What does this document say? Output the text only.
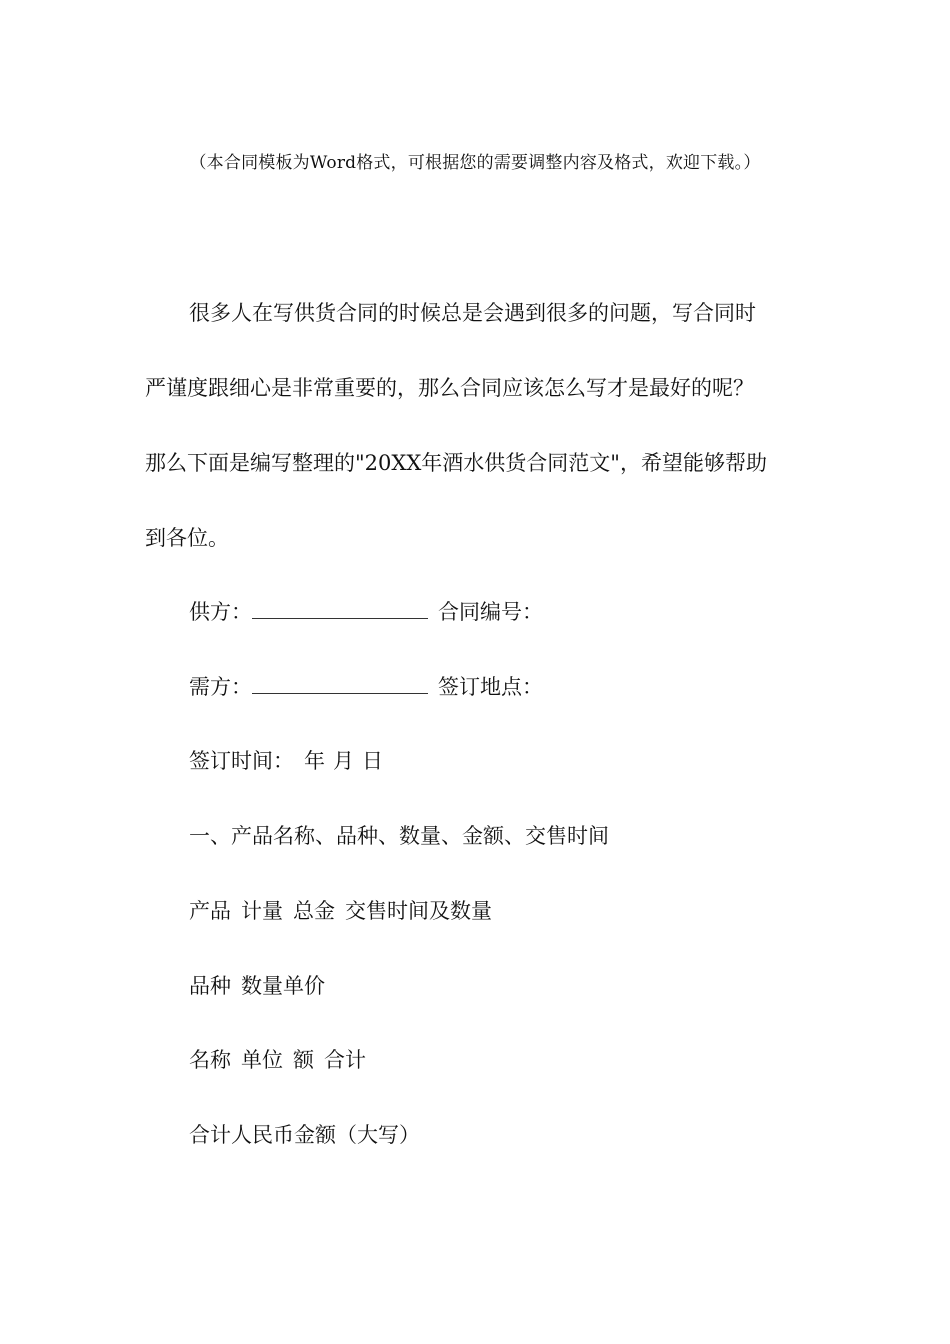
（本合同模板为Word格式，可根据您的需要调整内容及格式，欢迎下载。）
很多人在写供货合同的时候总是会遇到很多的问题，写合同时
严谨度跟细心是非常重要的，那么合同应该怎么写才是最好的呢？
那么下面是编写整理的"20XX年酒水供货合同范文"，希望能够帮助
到各位。
供方：	合同编号：
需方：	签订地点：
签订时间： 年 月 日
一、产品名称、品种、数量、金额、交售时间
产品 计量 总金 交售时间及数量
品种 数量单价
名称 单位 额 合计
合计人民币金额（大写）
